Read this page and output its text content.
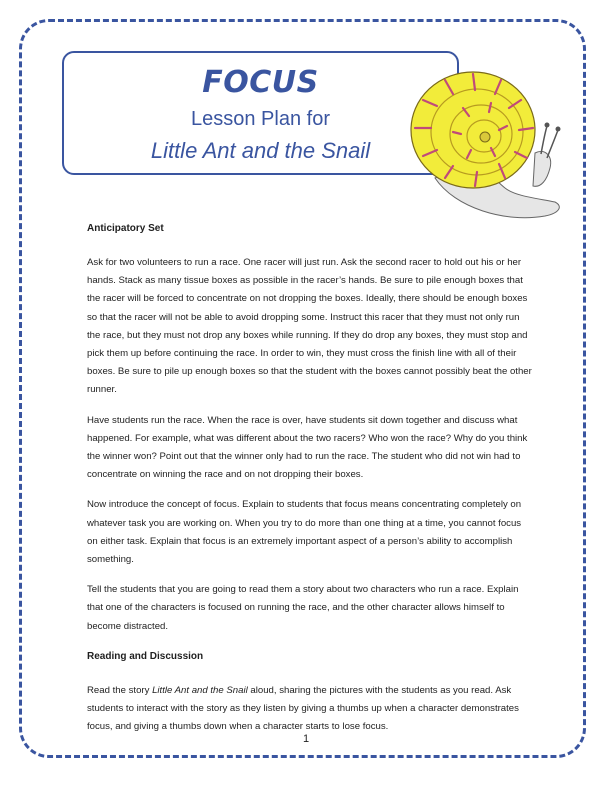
FOCUS
Lesson Plan for
Little Ant and the Snail
Anticipatory Set

Ask for two volunteers to run a race. One racer will just run. Ask the second racer to hold out his or her hands. Stack as many tissue boxes as possible in the racer’s hands. Be sure to pile enough boxes that the racer will be forced to concentrate on not dropping the boxes. Ideally, there should be enough boxes so that the racer will not be able to avoid dropping some. Instruct this racer that they must not only run the race, but they must not drop any boxes while running. If they do drop any boxes, they must stop and pick them up before continuing the race. In order to win, they must cross the finish line with all of their boxes. Be sure to pile up enough boxes so that the student with the boxes cannot possibly beat the other runner.

Have students run the race. When the race is over, have students sit down together and discuss what happened. For example, what was different about the two racers? Who won the race? Why do you think the winner won? Point out that the winner only had to run the race. The student who did not win had to concentrate on winning the race and on not dropping their boxes.

Now introduce the concept of focus. Explain to students that focus means concentrating completely on whatever task you are working on. When you try to do more than one thing at a time, you cannot focus on either task. Explain that focus is an extremely important aspect of a person’s ability to accomplish something.

Tell the students that you are going to read them a story about two characters who run a race. Explain that one of the characters is focused on running the race, and the other character allows himself to become distracted.

Reading and Discussion

Read the story Little Ant and the Snail aloud, sharing the pictures with the students as you read. Ask students to interact with the story as they listen by giving a thumbs up when a character demonstrates focus, and giving a thumbs down when a character starts to lose focus.

1
